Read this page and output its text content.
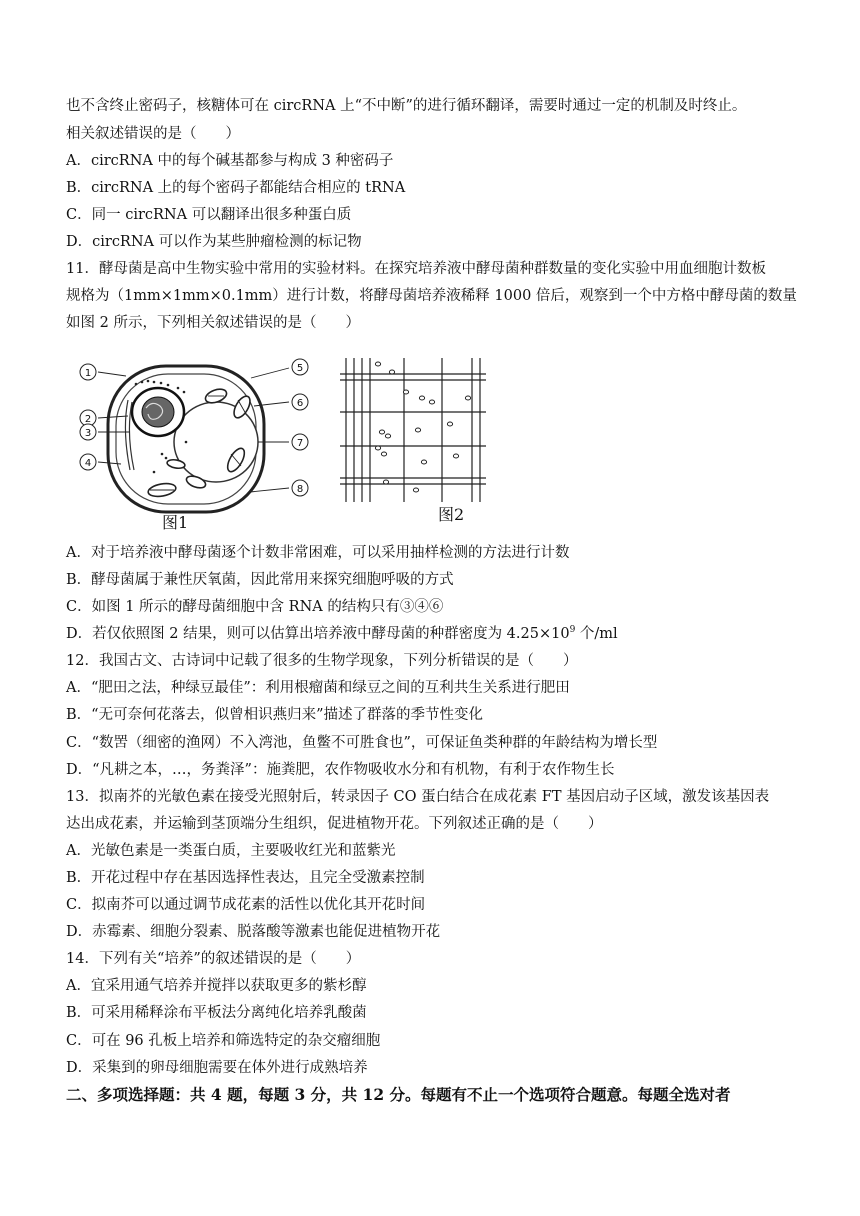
也不含终止密码子，核糖体可在 circRNA 上“不中断”的进行循环翻译，需要时通过一定的机制及时终止。
相关叙述错误的是（　　）
A．circRNA 中的每个碱基都参与构成 3 种密码子
B．circRNA 上的每个密码子都能结合相应的 tRNA
C．同一 circRNA 可以翻译出很多种蛋白质
D．circRNA 可以作为某些肿瘤检测的标记物
11．酵母菌是高中生物实验中常用的实验材料。在探究培养液中酵母菌种群数量的变化实验中用血细胞计数板
规格为（1mm×1mm×0.1mm）进行计数，将酵母菌培养液稀释 1000 倍后，观察到一个中方格中酵母菌的数量
如图 2 所示，下列相关叙述错误的是（　　）
1
2
3
4
5
6
7
8
图1	图2
A．对于培养液中酵母菌逐个计数非常困难，可以采用抽样检测的方法进行计数
B．酵母菌属于兼性厌氧菌，因此常用来探究细胞呼吸的方式
C．如图 1 所示的酵母菌细胞中含 RNA 的结构只有③④⑥
D．若仅依照图 2 结果，则可以估算出培养液中酵母菌的种群密度为 $4.25\times 10^9$ 个/ml
12．我国古文、古诗词中记载了很多的生物学现象，下列分析错误的是（　　）
A．“肥田之法，种绿豆最佳”：利用根瘤菌和绿豆之间的互利共生关系进行肥田
B．“无可奈何花落去，似曾相识燕归来”描述了群落的季节性变化
C．“数罟（细密的渔网）不入湾池，鱼鳖不可胜食也”，可保证鱼类种群的年龄结构为增长型
D．“凡耕之本，…，务粪泽”：施粪肥，农作物吸收水分和有机物，有利于农作物生长
13．拟南芥的光敏色素在接受光照射后，转录因子 CO 蛋白结合在成花素 FT 基因启动子区域，激发该基因表
达出成花素，并运输到茎顶端分生组织，促进植物开花。下列叙述正确的是（　　）
A．光敏色素是一类蛋白质，主要吸收红光和蓝紫光
B．开花过程中存在基因选择性表达，且完全受激素控制
C．拟南芥可以通过调节成花素的活性以优化其开花时间
D．赤霉素、细胞分裂素、脱落酸等激素也能促进植物开花
14．下列有关“培养”的叙述错误的是（　　）
A．宜采用通气培养并搅拌以获取更多的紫杉醇
B．可采用稀释涂布平板法分离纯化培养乳酸菌
C．可在 96 孔板上培养和筛选特定的杂交瘤细胞
D．采集到的卵母细胞需要在体外进行成熟培养
二、多项选择题：共 4 题，每题 3 分，共 12 分。每题有不止一个选项符合题意。每题全选对者
